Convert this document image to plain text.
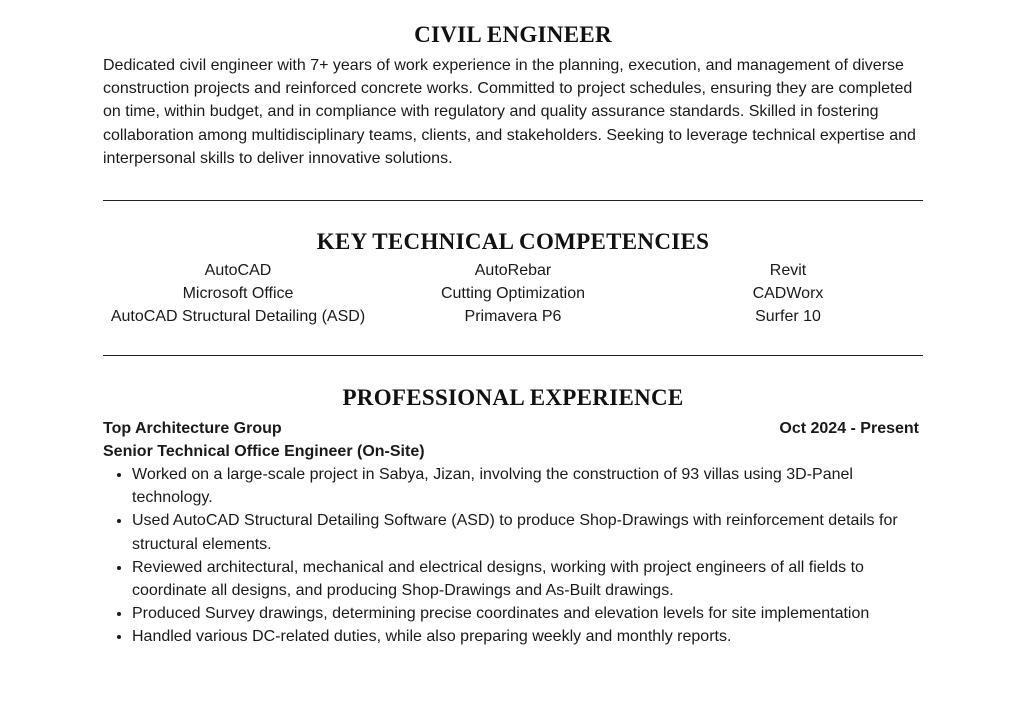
CIVIL ENGINEER

Dedicated civil engineer with 7+ years of work experience in the planning, execution, and management of diverse construction projects and reinforced concrete works. Committed to project schedules, ensuring they are completed on time, within budget, and in compliance with regulatory and quality assurance standards. Skilled in fostering collaboration among multidisciplinary teams, clients, and stakeholders. Seeking to leverage technical expertise and interpersonal skills to deliver innovative solutions.

KEY TECHNICAL COMPETENCIES
AutoCAD
Microsoft Office
AutoCAD Structural Detailing (ASD)
AutoRebar
Cutting Optimization
Primavera P6
Revit
CADWorx
Surfer 10
PROFESSIONAL EXPERIENCE
Top Architecture Group	Oct 2024 - Present
Senior Technical Office Engineer (On-Site)
• Worked on a large-scale project in Sabya, Jizan, involving the construction of 93 villas using 3D-Panel technology.
• Used AutoCAD Structural Detailing Software (ASD) to produce Shop-Drawings with reinforcement details for structural elements.
• Reviewed architectural, mechanical and electrical designs, working with project engineers of all fields to coordinate all designs, and producing Shop-Drawings and As-Built drawings.
• Produced Survey drawings, determining precise coordinates and elevation levels for site implementation
• Handled various DC-related duties, while also preparing weekly and monthly reports.
